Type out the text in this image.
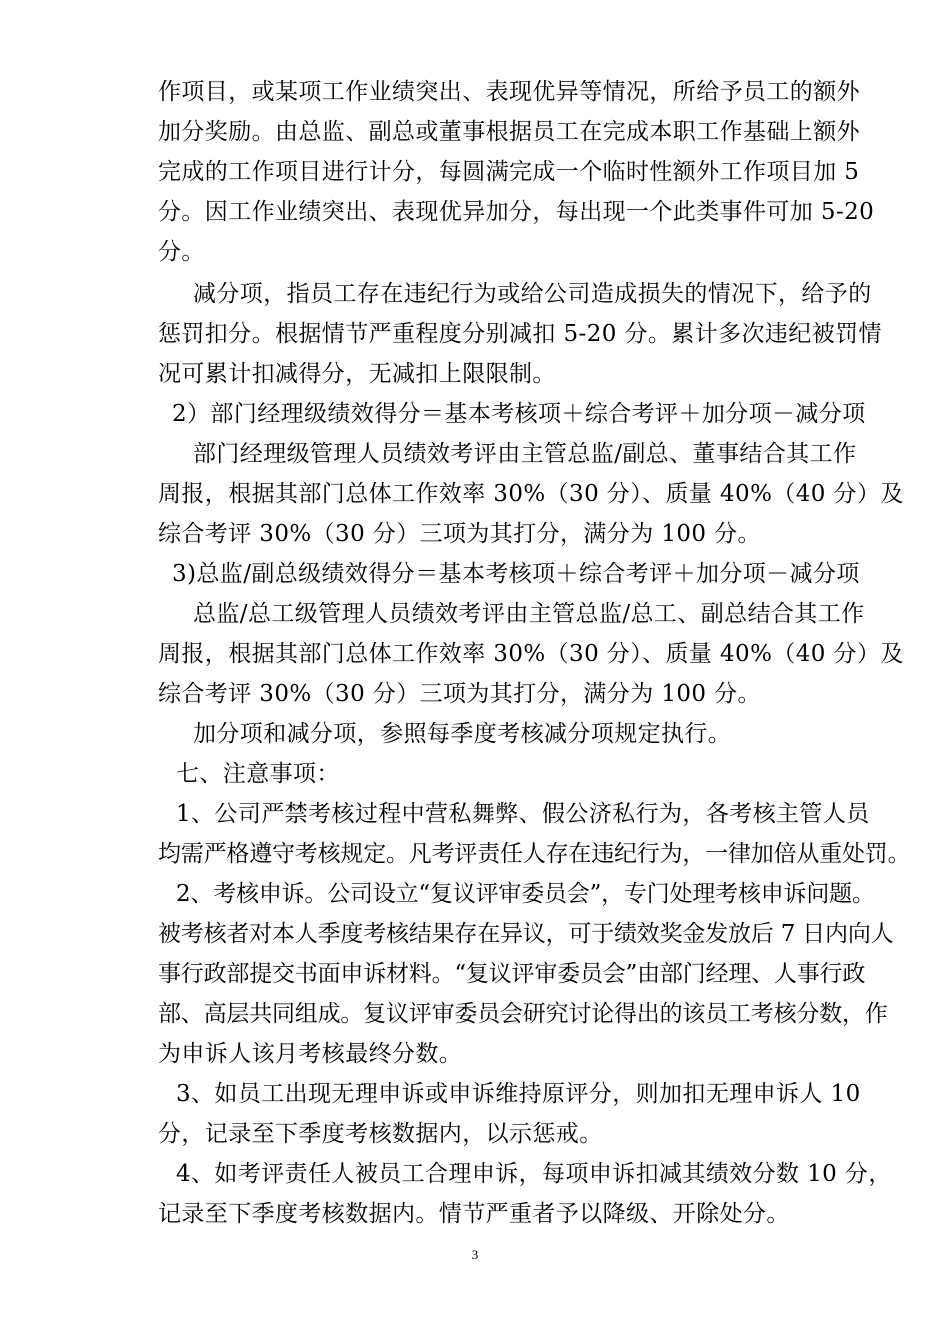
作项目，或某项工作业绩突出、表现优异等情况，所给予员工的额外
加分奖励。由总监、副总或董事根据员工在完成本职工作基础上额外
完成的工作项目进行计分，每圆满完成一个临时性额外工作项目加 5
分。因工作业绩突出、表现优异加分，每出现一个此类事件可加 5-20
分。
减分项，指员工存在违纪行为或给公司造成损失的情况下，给予的
惩罚扣分。根据情节严重程度分别减扣 5-20 分。累计多次违纪被罚情
况可累计扣减得分，无减扣上限限制。
2）部门经理级绩效得分＝基本考核项＋综合考评＋加分项－减分项
部门经理级管理人员绩效考评由主管总监/副总、董事结合其工作
周报，根据其部门总体工作效率 30%（30 分）、质量 40%（40 分）及
综合考评 30%（30 分）三项为其打分，满分为 100 分。
3)总监/副总级绩效得分＝基本考核项＋综合考评＋加分项－减分项
总监/总工级管理人员绩效考评由主管总监/总工、副总结合其工作
周报，根据其部门总体工作效率 30%（30 分）、质量 40%（40 分）及
综合考评 30%（30 分）三项为其打分，满分为 100 分。
加分项和减分项，参照每季度考核减分项规定执行。
七、注意事项：
1、公司严禁考核过程中营私舞弊、假公济私行为，各考核主管人员
均需严格遵守考核规定。凡考评责任人存在违纪行为，一律加倍从重处罚。
2、考核申诉。公司设立“复议评审委员会”，专门处理考核申诉问题。
被考核者对本人季度考核结果存在异议，可于绩效奖金发放后 7 日内向人
事行政部提交书面申诉材料。“复议评审委员会”由部门经理、人事行政
部、高层共同组成。复议评审委员会研究讨论得出的该员工考核分数，作
为申诉人该月考核最终分数。
3、如员工出现无理申诉或申诉维持原评分，则加扣无理申诉人 10
分，记录至下季度考核数据内，以示惩戒。
4、如考评责任人被员工合理申诉，每项申诉扣减其绩效分数 10 分，
记录至下季度考核数据内。情节严重者予以降级、开除处分。
3
